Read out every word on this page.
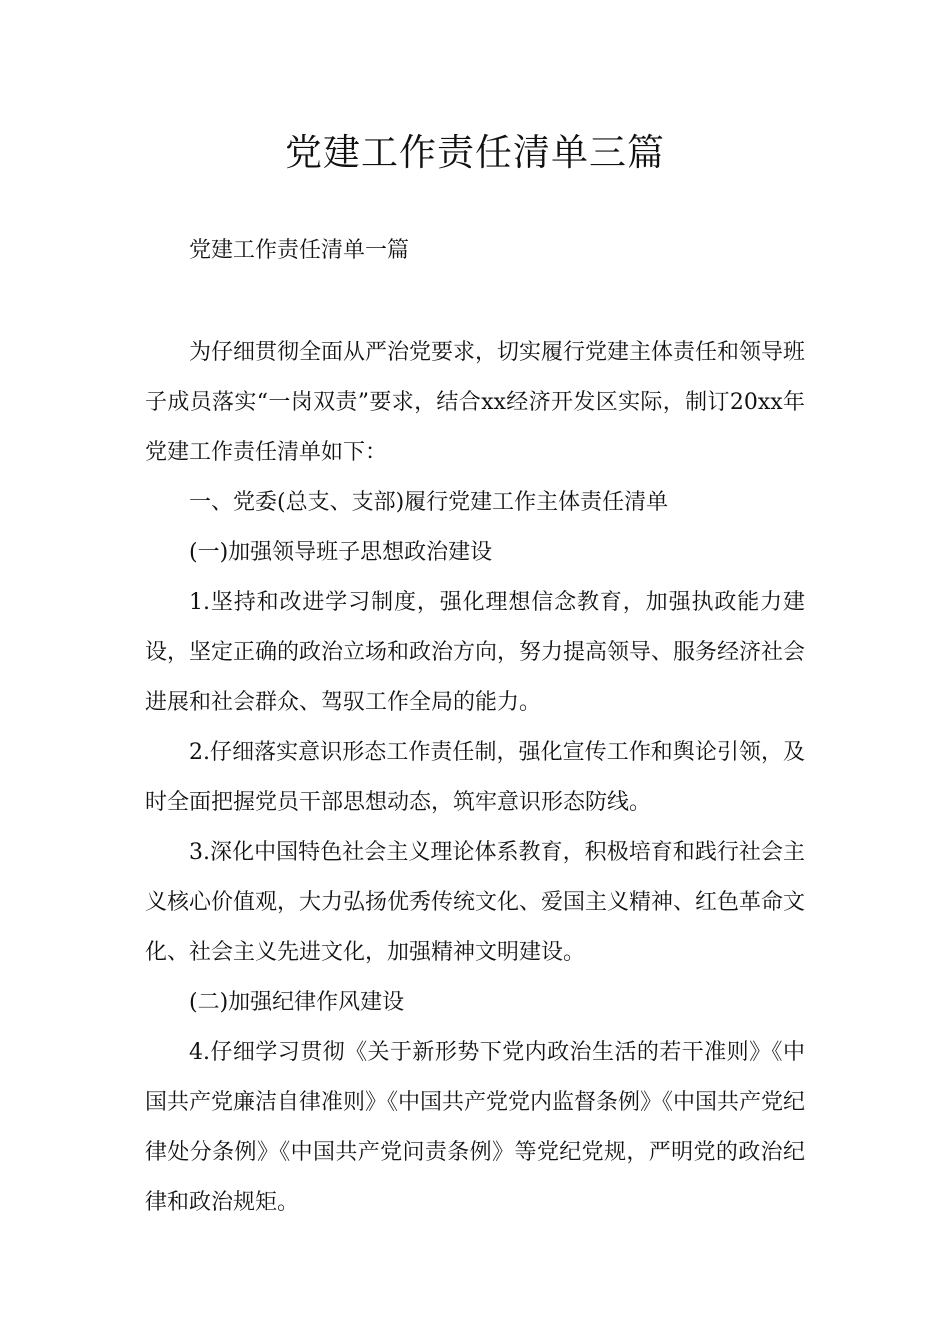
党建工作责任清单三篇

党建工作责任清单一篇

为仔细贯彻全面从严治党要求，切实履行党建主体责任和领导班子成员落实“一岗双责”要求，结合xx经济开发区实际，制订20xx年党建工作责任清单如下：

一、党委(总支、支部)履行党建工作主体责任清单

(一)加强领导班子思想政治建设

1.坚持和改进学习制度，强化理想信念教育，加强执政能力建设，坚定正确的政治立场和政治方向，努力提高领导、服务经济社会进展和社会群众、驾驭工作全局的能力。

2.仔细落实意识形态工作责任制，强化宣传工作和舆论引领，及时全面把握党员干部思想动态，筑牢意识形态防线。

3.深化中国特色社会主义理论体系教育，积极培育和践行社会主义核心价值观，大力弘扬优秀传统文化、爱国主义精神、红色革命文化、社会主义先进文化，加强精神文明建设。

(二)加强纪律作风建设

4.仔细学习贯彻《关于新形势下党内政治生活的若干准则》《中国共产党廉洁自律准则》《中国共产党党内监督条例》《中国共产党纪律处分条例》《中国共产党问责条例》等党纪党规，严明党的政治纪律和政治规矩。
